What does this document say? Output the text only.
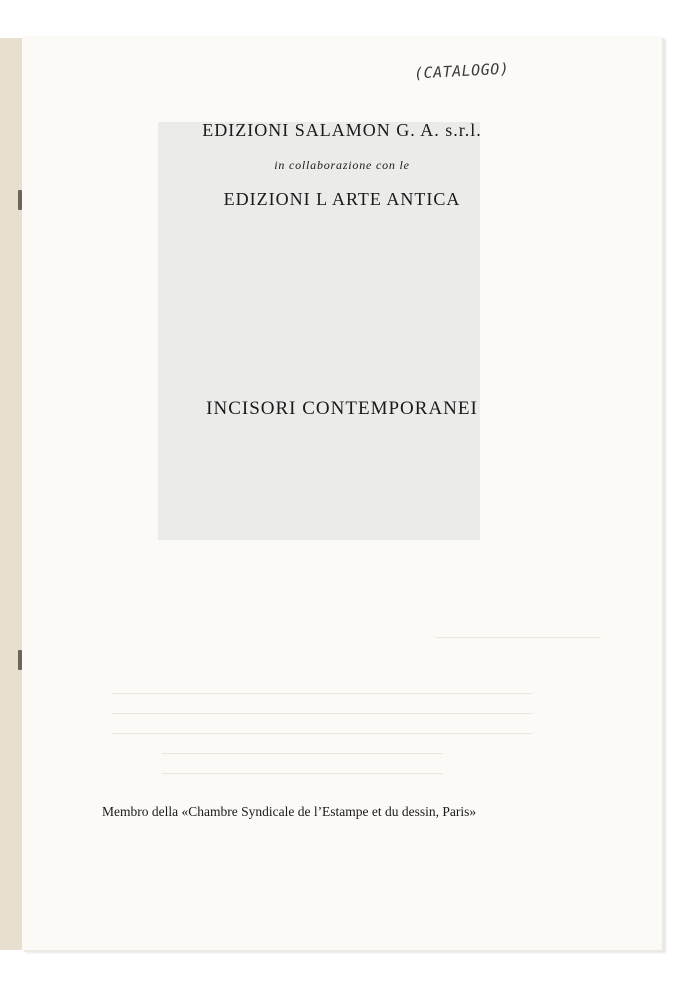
─────────────────────
──────────────────────────────────────────────────────
──────────────────────────────────────────────────────
──────────────────────────────────────────────────────
────────────────────────────────────
────────────────────────────────────
(CATALOGO)
EDIZIONI SALAMON G. A. s.r.l.
in collaborazione con le
EDIZIONI L ARTE ANTICA
INCISORI CONTEMPORANEI
Membro della «Chambre Syndicale de l’Estampe et du dessin, Paris»
